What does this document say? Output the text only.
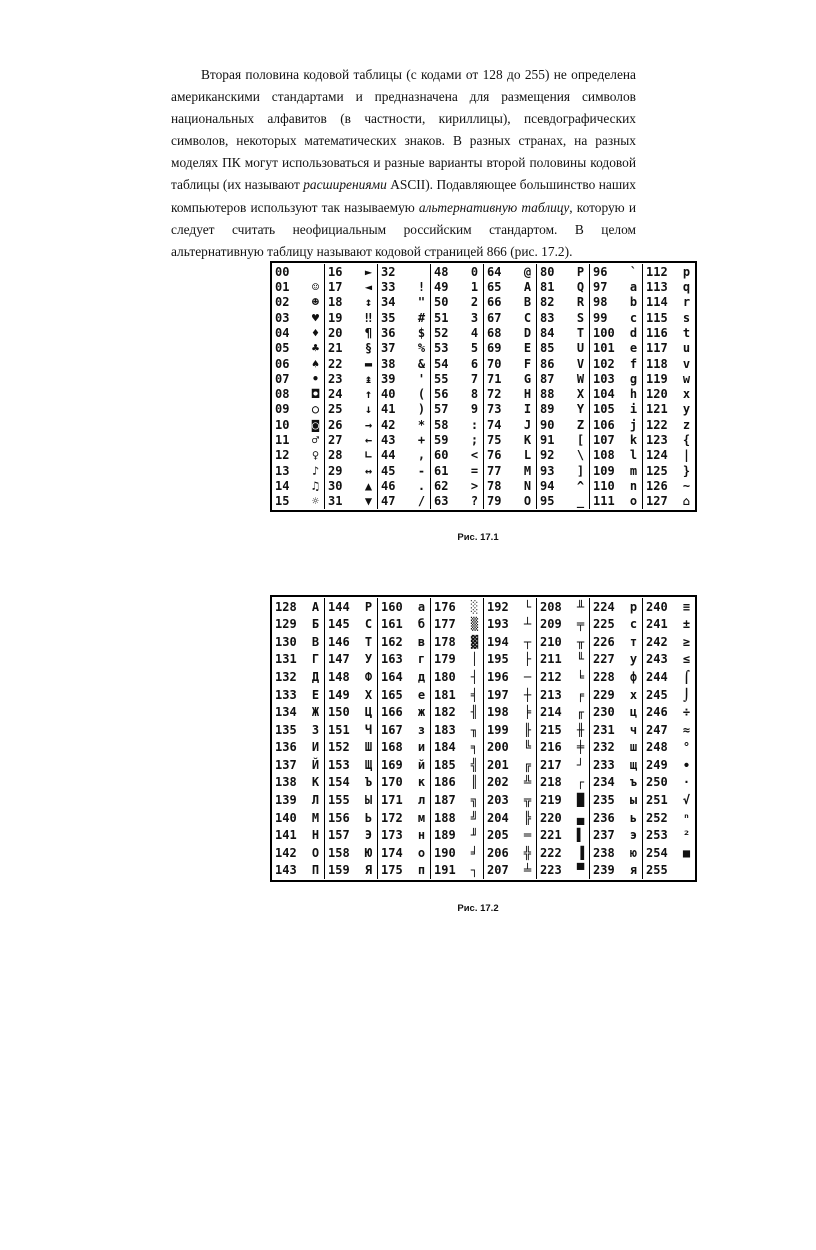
Вторая половина кодовой таблицы (с кодами от 128 до 255) не определена американскими стандартами и предназначена для размещения символов национальных алфавитов (в частности, кириллицы), псевдографических символов, некоторых математических знаков. В разных странах, на разных моделях ПК могут использоваться и разные варианты второй половины кодовой таблицы (их называют расширениями ASCII). Подавляющее большинство наших компьютеров используют так называемую альтернативную таблицу, которую и следует считать неофициальным российским стандартом. В целом альтернативную таблицу называют кодовой страницей 866 (рис. 17.2).

00
01 ☺
02 ☻
03 ♥
04 ♦
05 ♣
06 ♠
07 •
08 ◘
09 ○
10 ◙
11 ♂
12 ♀
13 ♪
14 ♫
15 ☼
16 ►
17 ◄
18 ↕
19 ‼
20 ¶
21 §
22 ▬
23 ↨
24 ↑
25 ↓
26 →
27 ←
28 ∟
29 ↔
30 ▲
31 ▼
32
33 !
34 "
35 #
36 $
37 %
38 &
39 '
40 (
41 )
42 *
43 +
44 ,
45 -
46 .
47 /
48 0
49 1
50 2
51 3
52 4
53 5
54 6
55 7
56 8
57 9
58 :
59 ;
60 <
61 =
62 >
63 ?
64 @
65 A
66 B
67 C
68 D
69 E
70 F
71 G
72 H
73 I
74 J
75 K
76 L
77 M
78 N
79 O
80 P
81 Q
82 R
83 S
84 T
85 U
86 V
87 W
88 X
89 Y
90 Z
91 [
92 \
93 ]
94 ^
95 _
96 `
97 a
98 b
99 c
100 d
101 e
102 f
103 g
104 h
105 i
106 j
107 k
108 l
109 m
110 n
111 o
112 p
113 q
114 r
115 s
116 t
117 u
118 v
119 w
120 x
121 y
122 z
123 {
124 |
125 }
126 ~
127 ⌂

Рис. 17.1

128 А
129 Б
130 В
131 Г
132 Д
133 Е
134 Ж
135 З
136 И
137 Й
138 К
139 Л
140 М
141 Н
142 О
143 П
144 Р
145 С
146 Т
147 У
148 Ф
149 Х
150 Ц
151 Ч
152 Ш
153 Щ
154 Ъ
155 Ы
156 Ь
157 Э
158 Ю
159 Я
160 а
161 б
162 в
163 г
164 д
165 е
166 ж
167 з
168 и
169 й
170 к
171 л
172 м
173 н
174 о
175 п
176 ░
177 ▒
178 ▓
179 │
180 ┤
181 ╡
182 ╢
183 ╖
184 ╕
185 ╣
186 ║
187 ╗
188 ╝
189 ╜
190 ╛
191 ┐
192 └
193 ┴
194 ┬
195 ├
196 ─
197 ┼
198 ╞
199 ╟
200 ╚
201 ╔
202 ╩
203 ╦
204 ╠
205 ═
206 ╬
207 ╧
208 ╨
209 ╤
210 ╥
211 ╙
212 ╘
213 ╒
214 ╓
215 ╫
216 ╪
217 ┘
218 ┌
219 █
220 ▄
221 ▌
222 ▐
223 ▀
224 р
225 с
226 т
227 у
228 ф
229 х
230 ц
231 ч
232 ш
233 щ
234 ъ
235 ы
236 ь
237 э
238 ю
239 я
240 ≡
241 ±
242 ≥
243 ≤
244 ⌠
245 ⌡
246 ÷
247 ≈
248 °
249 ∙
250 ·
251 √
252 ⁿ
253 ²
254 ■
255

Рис. 17.2
